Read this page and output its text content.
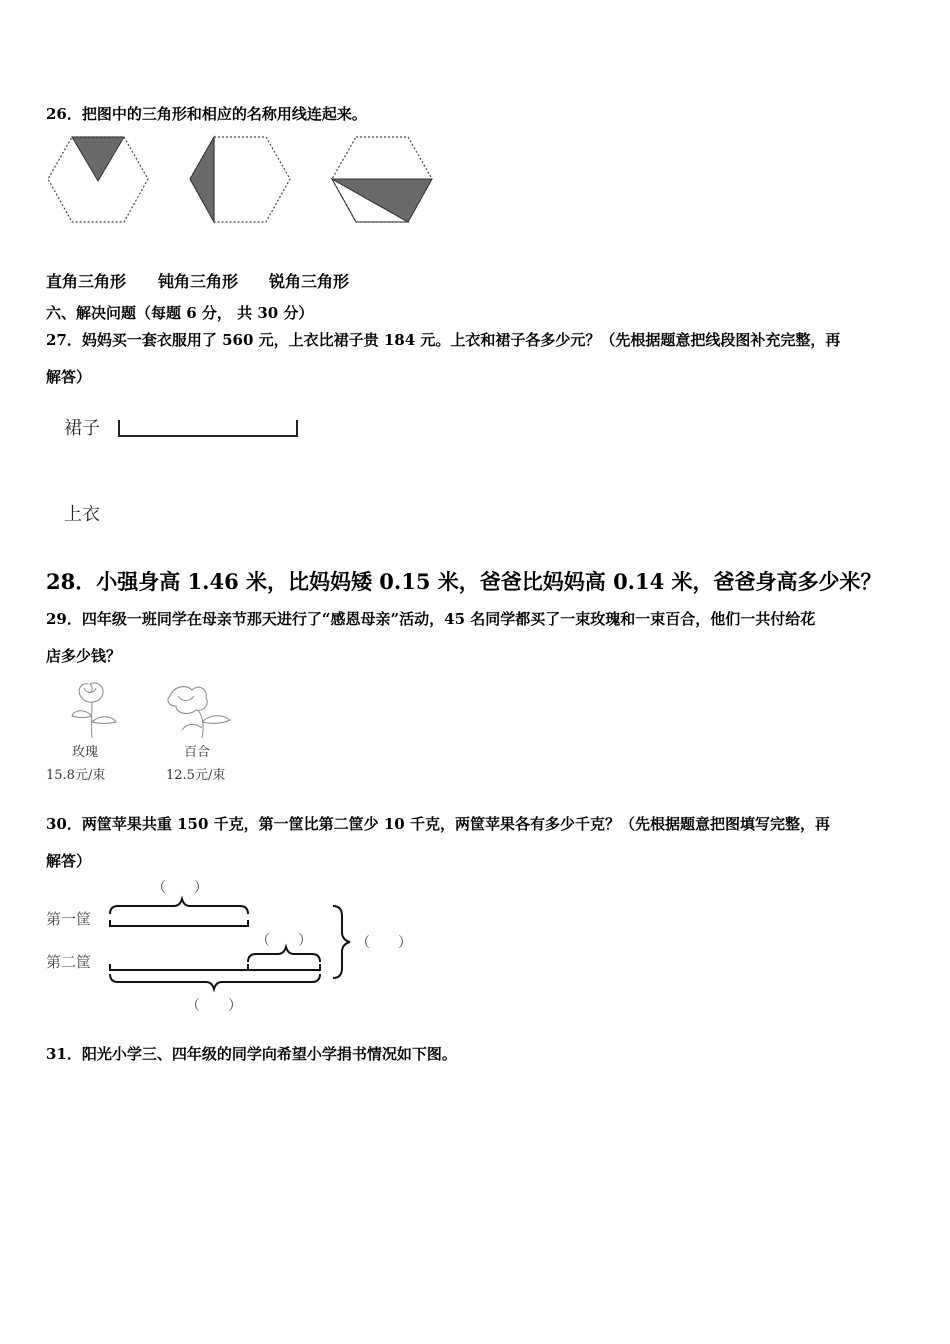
26．把图中的三角形和相应的名称用线连起来。
直角三角形 钝角三角形 锐角三角形
六、解决问题（每题 6 分， 共 30 分）
27．妈妈买一套衣服用了 560 元，上衣比裙子贵 184 元。上衣和裙子各多少元？（先根据题意把线段图补充完整，再
解答）
裙子
上衣
28．小强身高 1.46 米，比妈妈矮 0.15 米，爸爸比妈妈高 0.14 米，爸爸身高多少米？
29．四年级一班同学在母亲节那天进行了“感恩母亲”活动，45 名同学都买了一束玫瑰和一束百合，他们一共付给花
店多少钱？
玫瑰
15.8元/束
百合
12.5元/束
30．两筐苹果共重 150 千克，第一筐比第二筐少 10 千克，两筐苹果各有多少千克？（先根据题意把图填写完整，再
解答）
（　　）
第一筐
（　　）	（　　）
第二筐
（　　）
31．阳光小学三、四年级的同学向希望小学捐书情况如下图。
